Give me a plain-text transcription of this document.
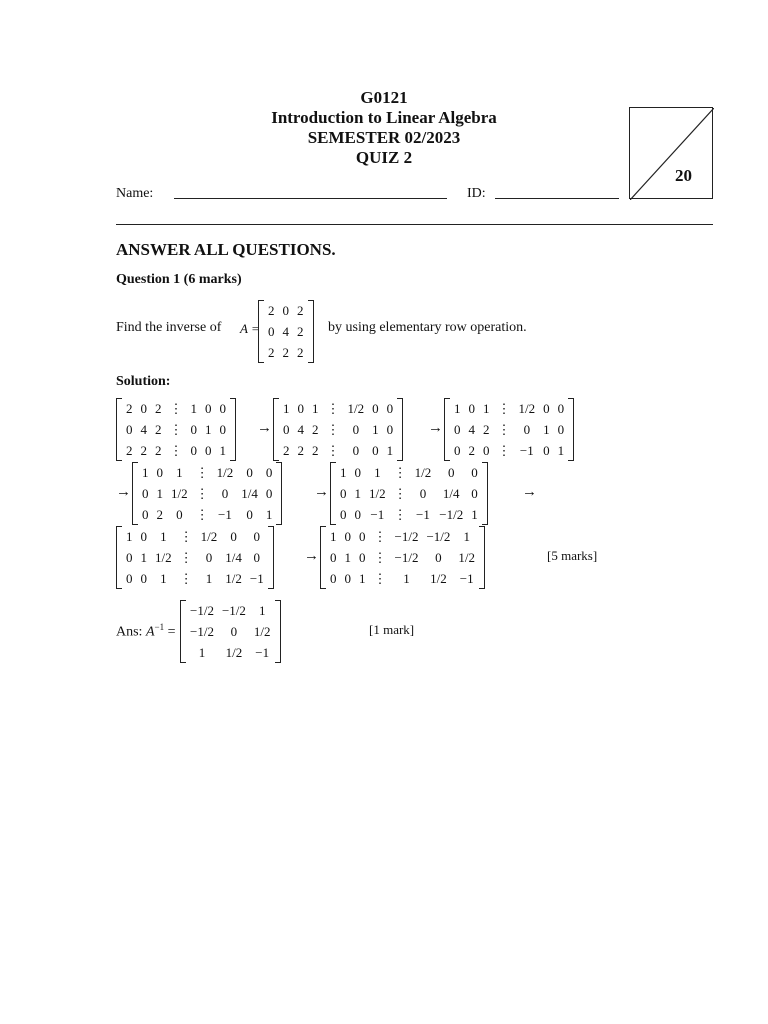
G0121
Introduction to Linear Algebra
SEMESTER 02/2023
QUIZ 2
20
Name:	ID:
ANSWER ALL QUESTIONS.
Question 1 (6 marks)
Find the inverse of A =
2	0	2
0	4	2
2	2	2
by using elementary row operation.
Solution:
2	0	2	⋮	1	0	0
0	4	2	⋮	0	1	0
2	2	2	⋮	0	0	1
→
1	0	1	⋮	1/2	0	0
0	4	2	⋮	0	1	0
2	2	2	⋮	0	0	1
→
1	0	1	⋮	1/2	0	0
0	4	2	⋮	0	1	0
0	2	0	⋮	−1	0	1
→
1	0	1	⋮	1/2	0	0
0	1	1/2	⋮	0	1/4	0
0	2	0	⋮	−1	0	1
→
1	0	1	⋮	1/2	0	0
0	1	1/2	⋮	0	1/4	0
0	0	−1	⋮	−1	−1/2	1
→
1	0	1	⋮	1/2	0	0
0	1	1/2	⋮	0	1/4	0
0	0	1	⋮	1	1/2	−1
→
1	0	0	⋮	−1/2	−1/2	1
0	1	0	⋮	−1/2	0	1/2
0	0	1	⋮	1	1/2	−1
[5 marks]
Ans: $A^{-1}$ =
−1/2	−1/2	1
−1/2	0	1/2
1	1/2	−1
[1 mark]
